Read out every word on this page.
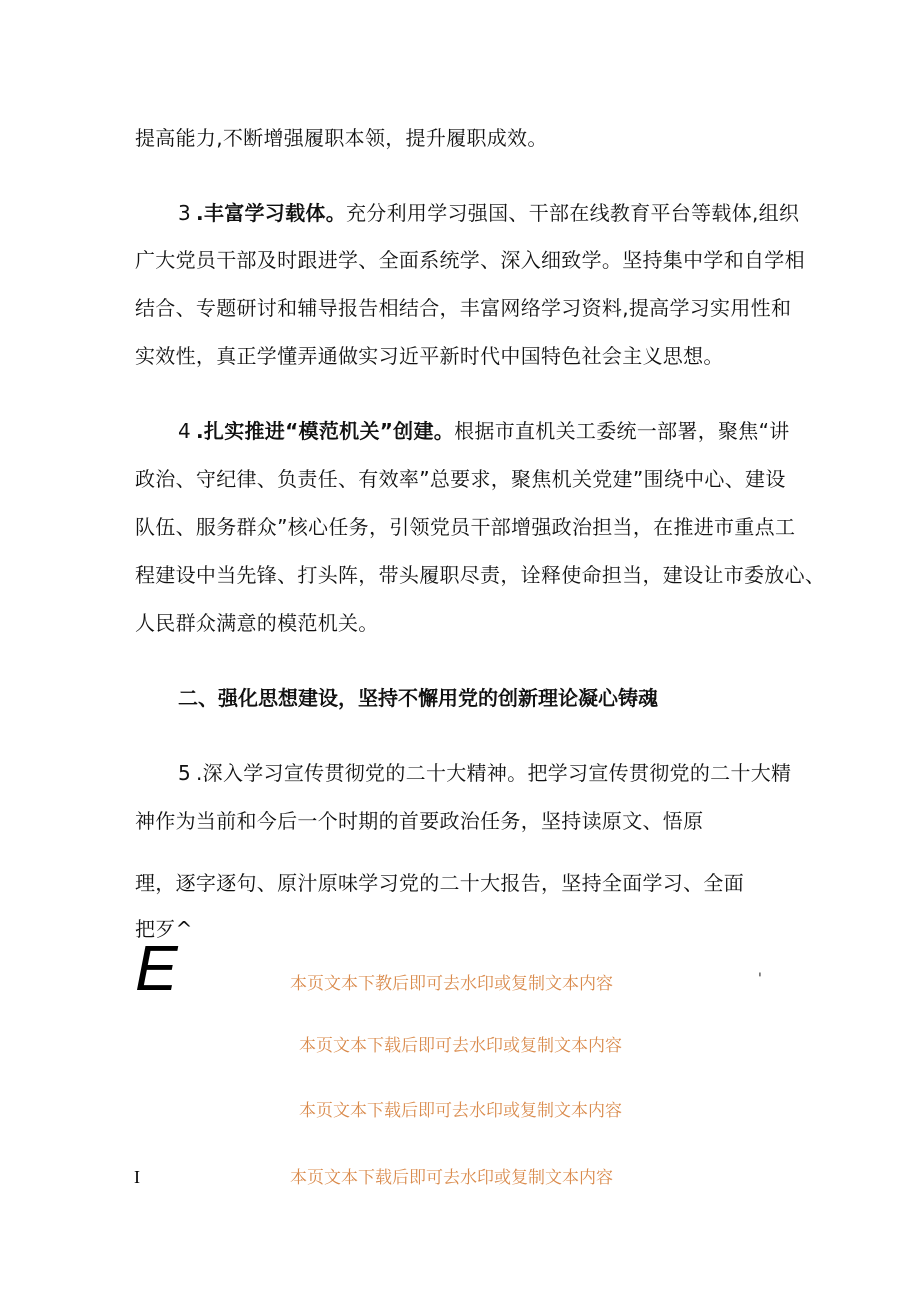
提高能力,不断增强履职本领，提升履职成效。
3 .丰富学习载体。充分利用学习强国、干部在线教育平台等载体,组织
广大党员干部及时跟进学、全面系统学、深入细致学。坚持集中学和自学相
结合、专题研讨和辅导报告相结合，丰富网络学习资料,提高学习实用性和
实效性，真正学懂弄通做实习近平新时代中国特色社会主义思想。
4 .扎实推进“模范机关”创建。根据市直机关工委统一部署，聚焦“讲
政治、守纪律、负责任、有效率”总要求，聚焦机关党建”围绕中心、建设
队伍、服务群众”核心任务，引领党员干部增强政治担当，在推进市重点工
程建设中当先锋、打头阵，带头履职尽责，诠释使命担当，建设让市委放心、
人民群众满意的模范机关。
二、强化思想建设，坚持不懈用党的创新理论凝心铸魂
5 .深入学习宣传贯彻党的二十大精神。把学习宣传贯彻党的二十大精
神作为当前和今后一个时期的首要政治任务，坚持读原文、悟原
理，逐字逐句、原汁原味学习党的二十大报告，坚持全面学习、全面
把歹^
E	'
I
本页文本下教后即可去水印或复制文本内容
本页文本下载后即可去水印或复制文本内容
本页文本下载后即可去水印或复制文本内容
本页文本下载后即可去水印或复制文本内容
